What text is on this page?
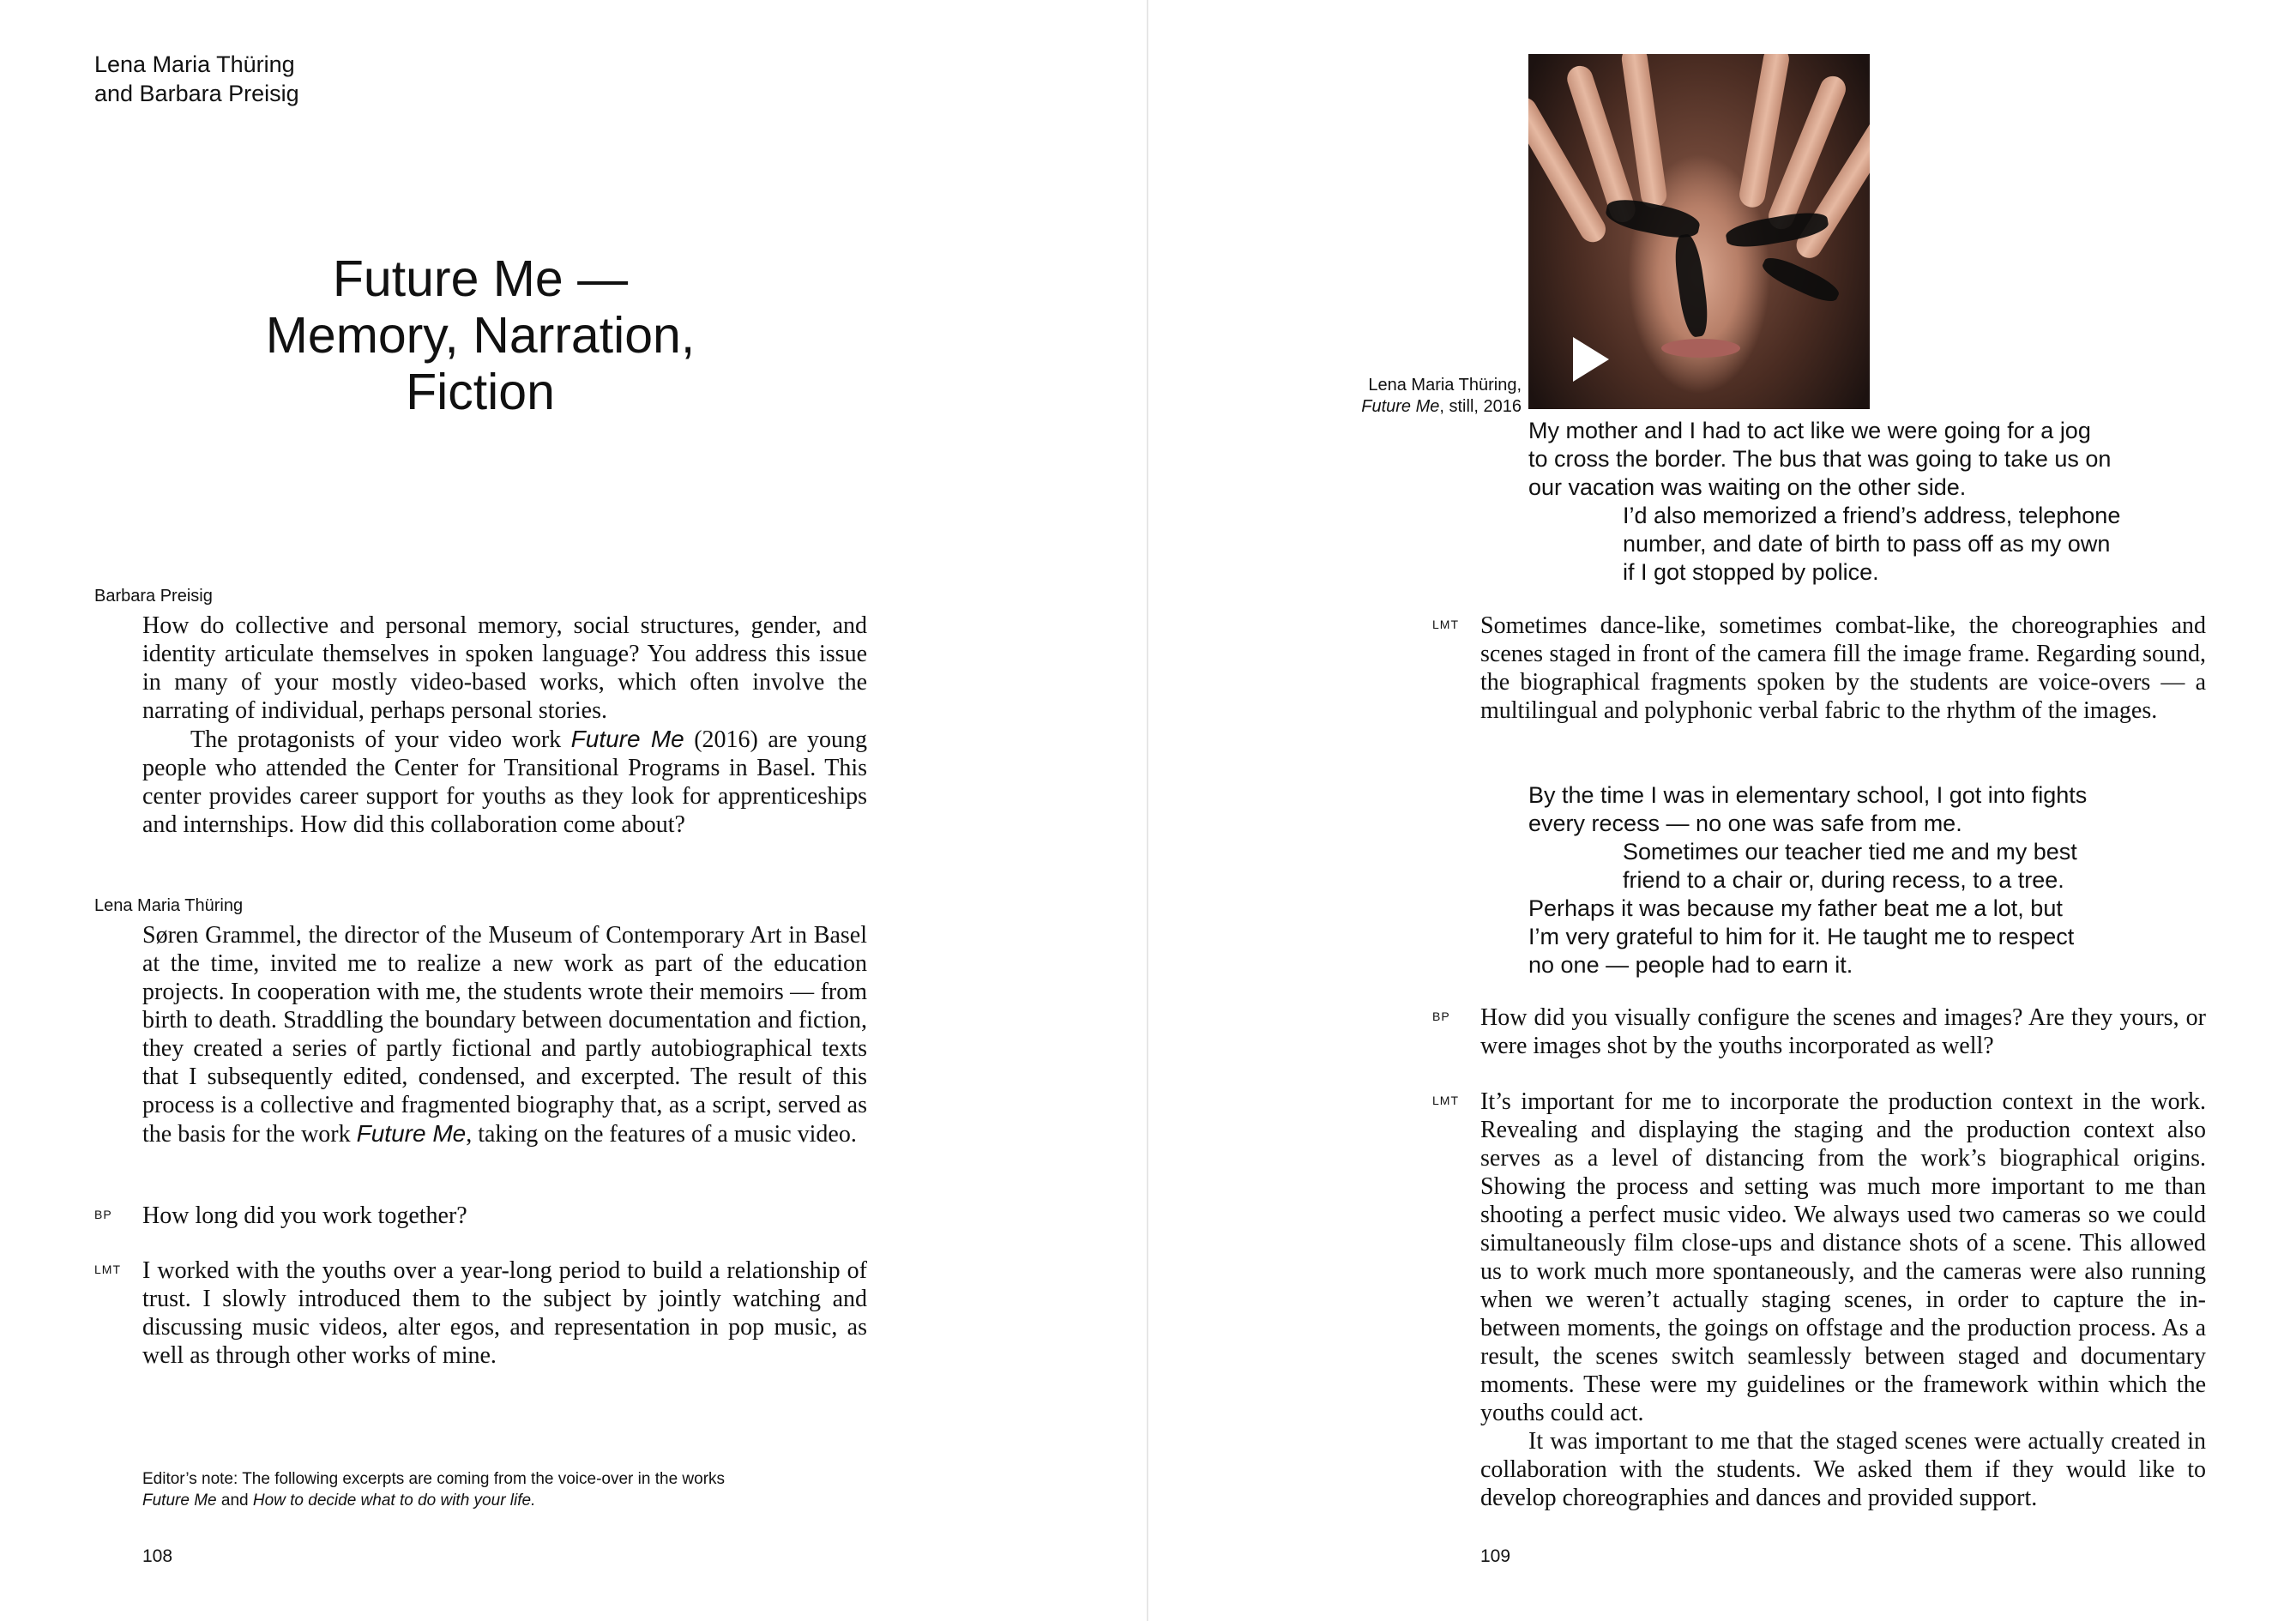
Lena Maria Thüring
and Barbara Preisig
Future Me —
Memory, Narration,
Fiction
Barbara Preisig

How do collective and personal memory, social structures, gender, and identity articulate themselves in spoken language? You address this issue in many of your mostly video-based works, which often involve the narrating of individual, perhaps personal stories.

The protagonists of your video work Future Me (2016) are young people who attended the Center for Transitional Programs in Basel. This center provides career support for youths as they look for apprenticeships and internships. How did this collaboration come about?

Lena Maria Thüring

Søren Grammel, the director of the Museum of Contemporary Art in Basel at the time, invited me to realize a new work as part of the education projects. In cooperation with me, the students wrote their memoirs — from birth to death. Straddling the boundary between documentation and fiction, they created a series of partly fictional and partly autobiographical texts that I subsequently edited, condensed, and excerpted. The result of this process is a collective and fragmented biography that, as a script, served as the basis for the work Future Me, taking on the features of a music video.

BP How long did you work together?

LMT I worked with the youths over a year-long period to build a relationship of trust. I slowly introduced them to the subject by jointly watching and discussing music videos, alter egos, and representation in pop music, as well as through other works of mine.

Editor’s note: The following excerpts are coming from the voice-over in the works
Future Me and How to decide what to do with your life.
108
Lena Maria Thüring,
Future Me, still, 2016
My mother and I had to act like we were going for a jog
to cross the border. The bus that was going to take us on
our vacation was waiting on the other side.
I’d also memorized a friend’s address, telephone
number, and date of birth to pass off as my own
if I got stopped by police.
LMT Sometimes dance-like, sometimes combat-like, the choreographies and scenes staged in front of the camera fill the image frame. Regarding sound, the biographical fragments spoken by the students are voice-overs — a multilingual and polyphonic verbal fabric to the rhythm of the images.

By the time I was in elementary school, I got into fights
every recess — no one was safe from me.
Sometimes our teacher tied me and my best
friend to a chair or, during recess, to a tree.
Perhaps it was because my father beat me a lot, but
I’m very grateful to him for it. He taught me to respect
no one — people had to earn it.
BP How did you visually configure the scenes and images? Are they yours, or were images shot by the youths incorporated as well?

LMT It’s important for me to incorporate the production context in the work. Revealing and displaying the staging and the production context also serves as a level of distancing from the work’s biographical origins. Showing the process and setting was much more important to me than shooting a perfect music video. We always used two cameras so we could simultaneously film close-ups and distance shots of a scene. This allowed us to work much more spontaneously, and the cameras were also running when we weren’t actually staging scenes, in order to capture the in-between moments, the goings on offstage and the production process. As a result, the scenes switch seamlessly between staged and documentary moments. These were my guidelines or the framework within which the youths could act.

It was important to me that the staged scenes were actually created in collaboration with the students. We asked them if they would like to develop choreographies and dances and provided support.

109
